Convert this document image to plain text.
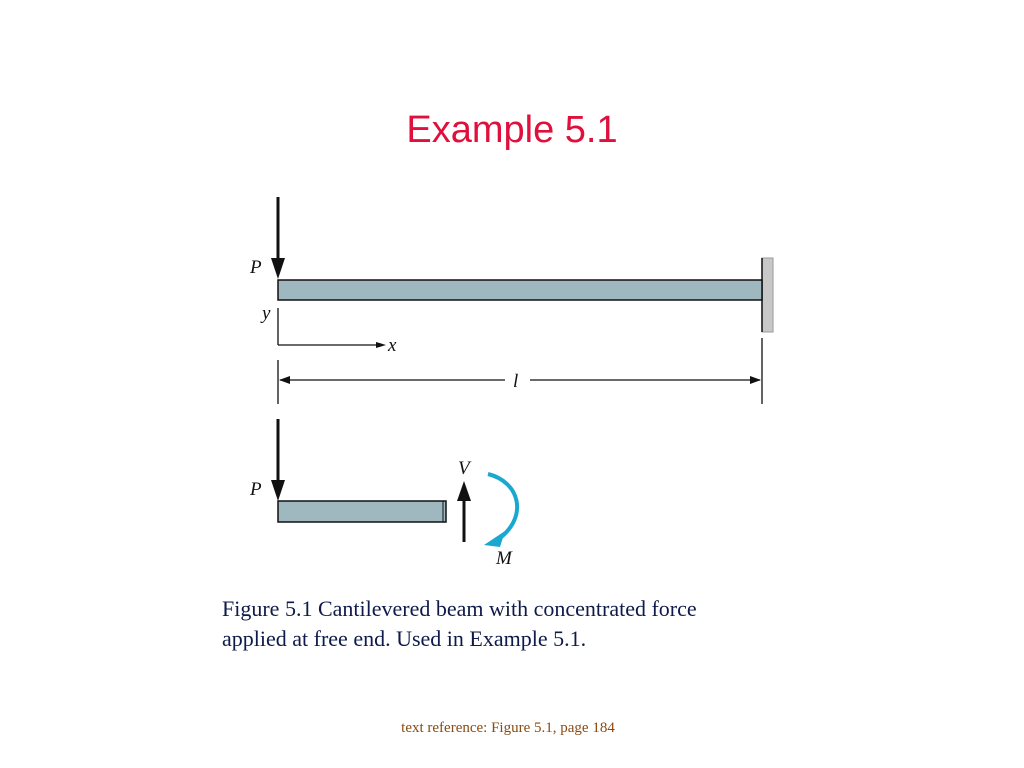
Example 5.1
P
y
x
l
P
V
M

Figure 5.1 Cantilevered beam with concentrated force
applied at free end. Used in Example 5.1.

text reference: Figure 5.1, page 184
